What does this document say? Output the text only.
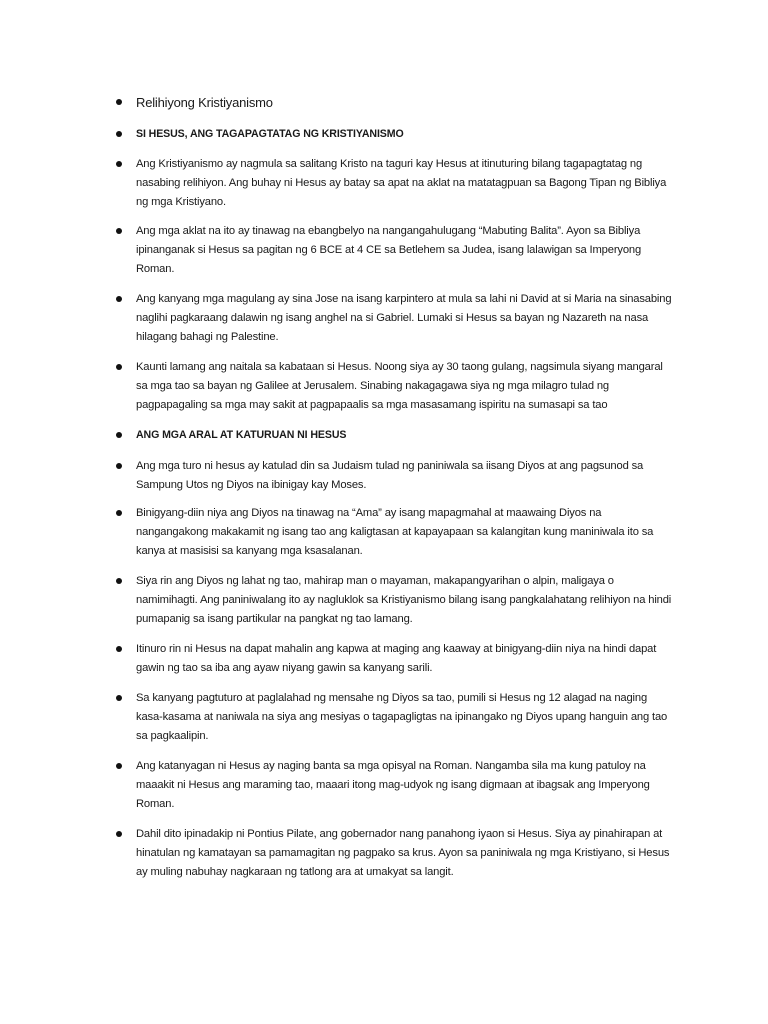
Relihiyong Kristiyanismo
SI HESUS, ANG TAGAPAGTATAG NG KRISTIYANISMO
Ang Kristiyanismo ay nagmula sa salitang Kristo na taguri kay Hesus at itinuturing bilang tagapagtatag ng nasabing relihiyon. Ang buhay ni Hesus ay batay sa apat na aklat na matatagpuan sa Bagong Tipan ng Bibliya ng mga Kristiyano.
Ang mga aklat na ito ay tinawag na ebangbelyo na nangangahulugang “Mabuting Balita”. Ayon sa Bibliya ipinanganak si Hesus sa pagitan ng 6 BCE at 4 CE sa Betlehem sa Judea, isang lalawigan sa Imperyong Roman.
Ang kanyang mga magulang ay sina Jose na isang karpintero at mula sa lahi ni David at si Maria na sinasabing naglihi pagkaraang dalawin ng isang anghel na si Gabriel. Lumaki si Hesus sa bayan ng Nazareth na nasa hilagang bahagi ng Palestine.
Kaunti lamang ang naitala sa kabataan si Hesus. Noong siya ay 30 taong gulang, nagsimula siyang mangaral sa mga tao sa bayan ng Galilee at Jerusalem. Sinabing nakagagawa siya ng mga milagro tulad ng pagpapagaling sa mga may sakit at pagpapaalis sa mga masasamang ispiritu na sumasapi sa tao
ANG MGA ARAL AT KATURUAN NI HESUS
Ang mga turo ni hesus ay katulad din sa Judaism tulad ng paniniwala sa iisang Diyos at ang pagsunod sa Sampung Utos ng Diyos na ibinigay kay Moses.
Binigyang-diin niya ang Diyos na tinawag na “Ama” ay isang mapagmahal at maawaing Diyos na nangangakong makakamit ng isang tao ang kaligtasan at kapayapaan sa kalangitan kung maniniwala ito sa kanya at masisisi sa kanyang mga ksasalanan.
Siya rin ang Diyos ng lahat ng tao, mahirap man o mayaman, makapangyarihan o alpin, maligaya o namimihagti. Ang paniniwalang ito ay nagluklok sa Kristiyanismo bilang isang pangkalahatang relihiyon na hindi pumapanig sa isang partikular na pangkat ng tao lamang.
Itinuro rin ni Hesus na dapat mahalin ang kapwa at maging ang kaaway at binigyang-diin niya na hindi dapat gawin ng tao sa iba ang ayaw niyang gawin sa kanyang sarili.
Sa kanyang pagtuturo at paglalahad ng mensahe ng Diyos sa tao, pumili si Hesus ng 12 alagad na naging kasa-kasama at naniwala na siya ang mesiyas o tagapagligtas na ipinangako ng Diyos upang hanguin ang tao sa pagkaalipin.
Ang katanyagan ni Hesus ay naging banta sa mga opisyal na Roman. Nangamba sila ma kung patuloy na maaakit ni Hesus ang maraming tao, maaari itong mag-udyok ng isang digmaan at ibagsak ang Imperyong Roman.
Dahil dito ipinadakip ni Pontius Pilate, ang gobernador nang panahong iyaon si Hesus. Siya ay pinahirapan at hinatulan ng kamatayan sa pamamagitan ng pagpako sa krus. Ayon sa paniniwala ng mga Kristiyano, si Hesus ay muling nabuhay nagkaraan ng tatlong ara at umakyat sa langit.
